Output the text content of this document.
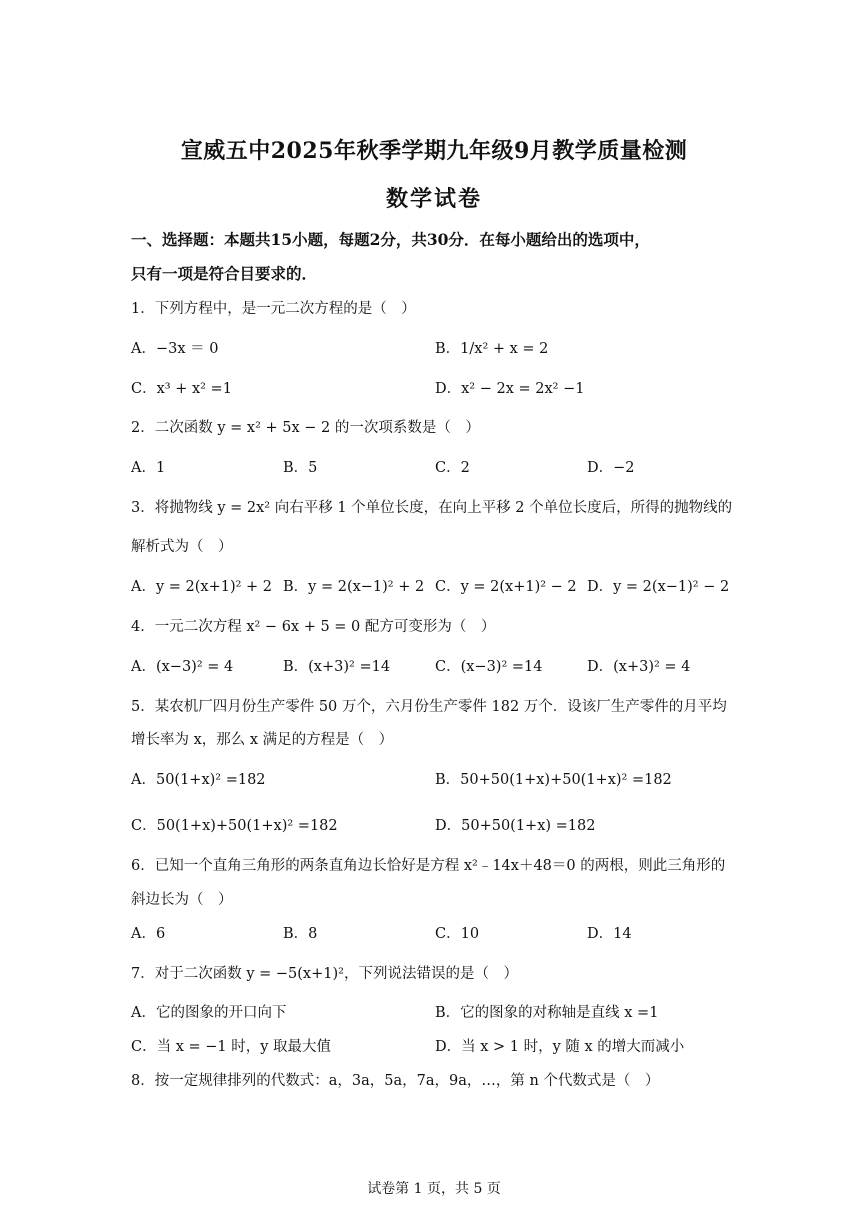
宣威五中2025年秋季学期九年级9月教学质量检测
数学试卷
一、选择题：本题共15小题，每题2分，共30分．在每小题给出的选项中，
只有一项是符合目要求的．
1．下列方程中，是一元二次方程的是（　）
A．−3x ＝ 0	B．1/x² + x = 2
C．x³ + x² =1	D．x² − 2x = 2x² −1
2．二次函数 y = x² + 5x − 2 的一次项系数是（　）
A．1	B．5	C．2	D．−2
3．将抛物线 y = 2x² 向右平移 1 个单位长度，在向上平移 2 个单位长度后，所得的抛物线的
解析式为（　）
A．y = 2(x+1)² + 2 B．y = 2(x−1)² + 2 C．y = 2(x+1)² − 2 D．y = 2(x−1)² − 2
4．一元二次方程 x² − 6x + 5 = 0 配方可变形为（　）
A．(x−3)² = 4	B．(x+3)² =14	C．(x−3)² =14	D．(x+3)² = 4
5．某农机厂四月份生产零件 50 万个，六月份生产零件 182 万个．设该厂生产零件的月平均
增长率为 x，那么 x 满足的方程是（　）
A．50(1+x)² =182	B．50+50(1+x)+50(1+x)² =182
C．50(1+x)+50(1+x)² =182	D．50+50(1+x) =182
6．已知一个直角三角形的两条直角边长恰好是方程 x²﹣14x＋48＝0 的两根，则此三角形的
斜边长为（　）
A．6	B．8	C．10	D．14
7．对于二次函数 y = −5(x+1)²，下列说法错误的是（　）
A．它的图象的开口向下	B．它的图象的对称轴是直线 x =1
C．当 x = −1 时，y 取最大值	D．当 x > 1 时，y 随 x 的增大而减小
8．按一定规律排列的代数式：a，3a，5a，7a，9a，…，第 n 个代数式是（　）
试卷第 1 页，共 5 页
